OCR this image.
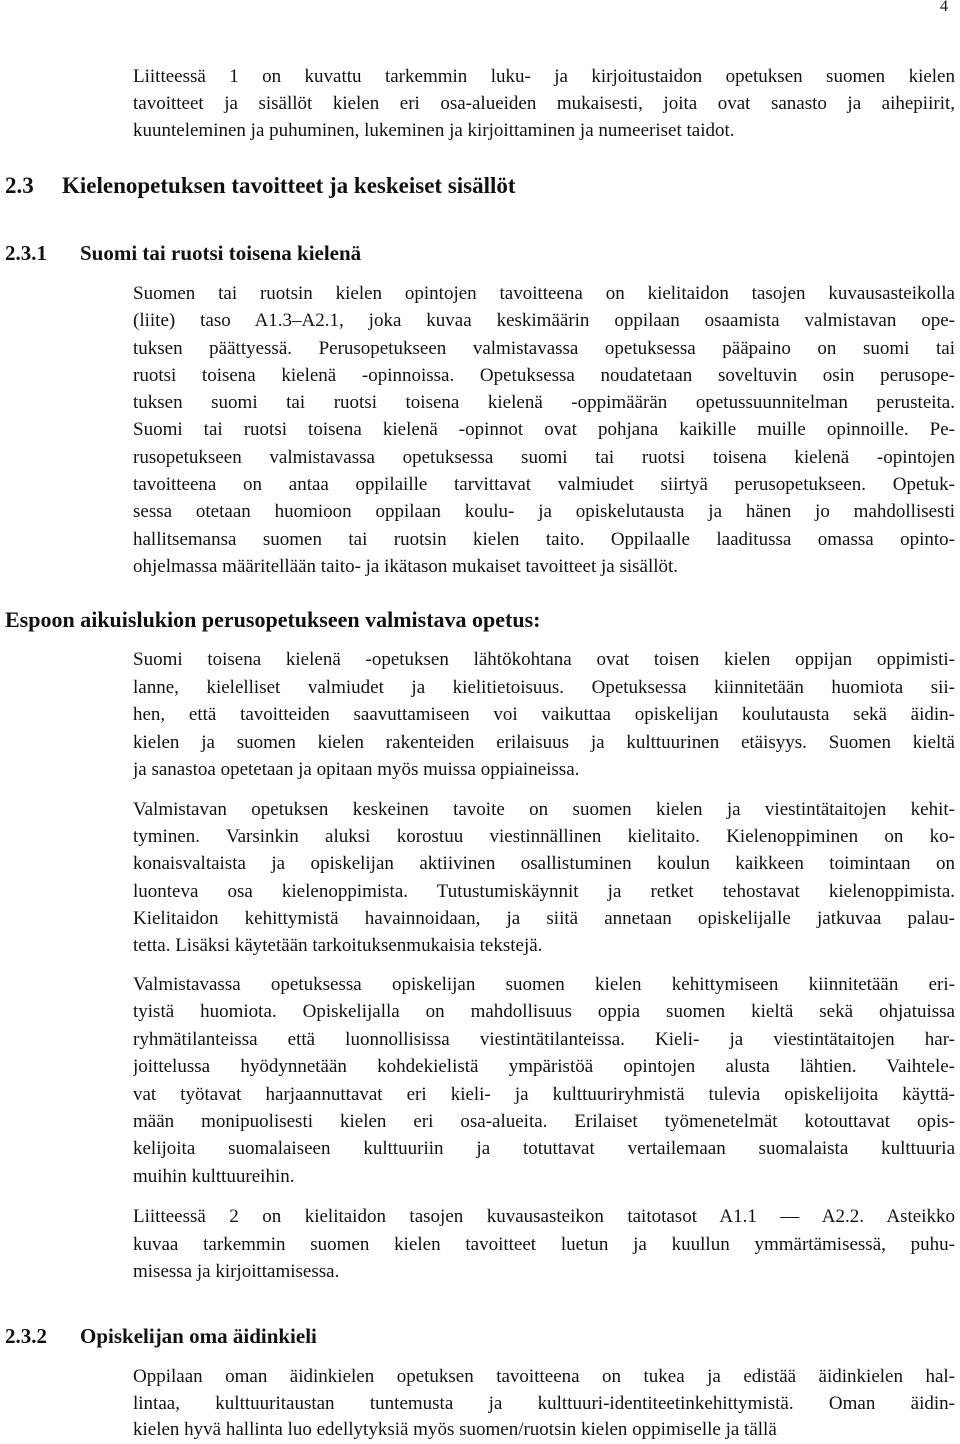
4
Liitteessä 1 on kuvattu tarkemmin luku- ja kirjoitustaidon opetuksen suomen kielen
tavoitteet ja sisällöt kielen eri osa-alueiden mukaisesti, joita ovat sanasto ja aihepiirit,
kuunteleminen ja puhuminen, lukeminen ja kirjoittaminen ja numeeriset taidot.
2.3 Kielenopetuksen tavoitteet ja keskeiset sisällöt
2.3.1 Suomi tai ruotsi toisena kielenä
Suomen tai ruotsin kielen opintojen tavoitteena on kielitaidon tasojen kuvausasteikolla
(liite) taso A1.3–A2.1, joka kuvaa keskimäärin oppilaan osaamista valmistavan ope-
tuksen päättyessä. Perusopetukseen valmistavassa opetuksessa pääpaino on suomi tai
ruotsi toisena kielenä -opinnoissa. Opetuksessa noudatetaan soveltuvin osin perusope-
tuksen suomi tai ruotsi toisena kielenä -oppimäärän opetussuunnitelman perusteita.
Suomi tai ruotsi toisena kielenä -opinnot ovat pohjana kaikille muille opinnoille. Pe-
rusopetukseen valmistavassa opetuksessa suomi tai ruotsi toisena kielenä -opintojen
tavoitteena on antaa oppilaille tarvittavat valmiudet siirtyä perusopetukseen. Opetuk-
sessa otetaan huomioon oppilaan koulu- ja opiskelutausta ja hänen jo mahdollisesti
hallitsemansa suomen tai ruotsin kielen taito. Oppilaalle laaditussa omassa opinto-
ohjelmassa määritellään taito- ja ikätason mukaiset tavoitteet ja sisällöt.
Espoon aikuislukion perusopetukseen valmistava opetus:
Suomi toisena kielenä -opetuksen lähtökohtana ovat toisen kielen oppijan oppimisti-
lanne, kielelliset valmiudet ja kielitietoisuus. Opetuksessa kiinnitetään huomiota sii-
hen, että tavoitteiden saavuttamiseen voi vaikuttaa opiskelijan koulutausta sekä äidin-
kielen ja suomen kielen rakenteiden erilaisuus ja kulttuurinen etäisyys. Suomen kieltä
ja sanastoa opetetaan ja opitaan myös muissa oppiaineissa.
Valmistavan opetuksen keskeinen tavoite on suomen kielen ja viestintätaitojen kehit-
tyminen. Varsinkin aluksi korostuu viestinnällinen kielitaito. Kielenoppiminen on ko-
konaisvaltaista ja opiskelijan aktiivinen osallistuminen koulun kaikkeen toimintaan on
luonteva osa kielenoppimista. Tutustumiskäynnit ja retket tehostavat kielenoppimista.
Kielitaidon kehittymistä havainnoidaan, ja siitä annetaan opiskelijalle jatkuvaa palau-
tetta. Lisäksi käytetään tarkoituksenmukaisia tekstejä.
Valmistavassa opetuksessa opiskelijan suomen kielen kehittymiseen kiinnitetään eri-
tyistä huomiota. Opiskelijalla on mahdollisuus oppia suomen kieltä sekä ohjatuissa
ryhmätilanteissa että luonnollisissa viestintätilanteissa. Kieli- ja viestintätaitojen har-
joittelussa hyödynnetään kohdekielistä ympäristöä opintojen alusta lähtien. Vaihtele-
vat työtavat harjaannuttavat eri kieli- ja kulttuuriryhmistä tulevia opiskelijoita käyttä-
mään monipuolisesti kielen eri osa-alueita. Erilaiset työmenetelmät kotouttavat opis-
kelijoita suomalaiseen kulttuuriin ja totuttavat vertailemaan suomalaista kulttuuria
muihin kulttuureihin.
Liitteessä 2 on kielitaidon tasojen kuvausasteikon taitotasot A1.1 — A2.2. Asteikko
kuvaa tarkemmin suomen kielen tavoitteet luetun ja kuullun ymmärtämisessä, puhu-
misessa ja kirjoittamisessa.
2.3.2 Opiskelijan oma äidinkieli
Oppilaan oman äidinkielen opetuksen tavoitteena on tukea ja edistää äidinkielen hal-
lintaa, kulttuuritaustan tuntemusta ja kulttuuri-identiteetinkehittymistä. Oman äidin-
kielen hyvä hallinta luo edellytyksiä myös suomen/ruotsin kielen oppimiselle ja tällä
